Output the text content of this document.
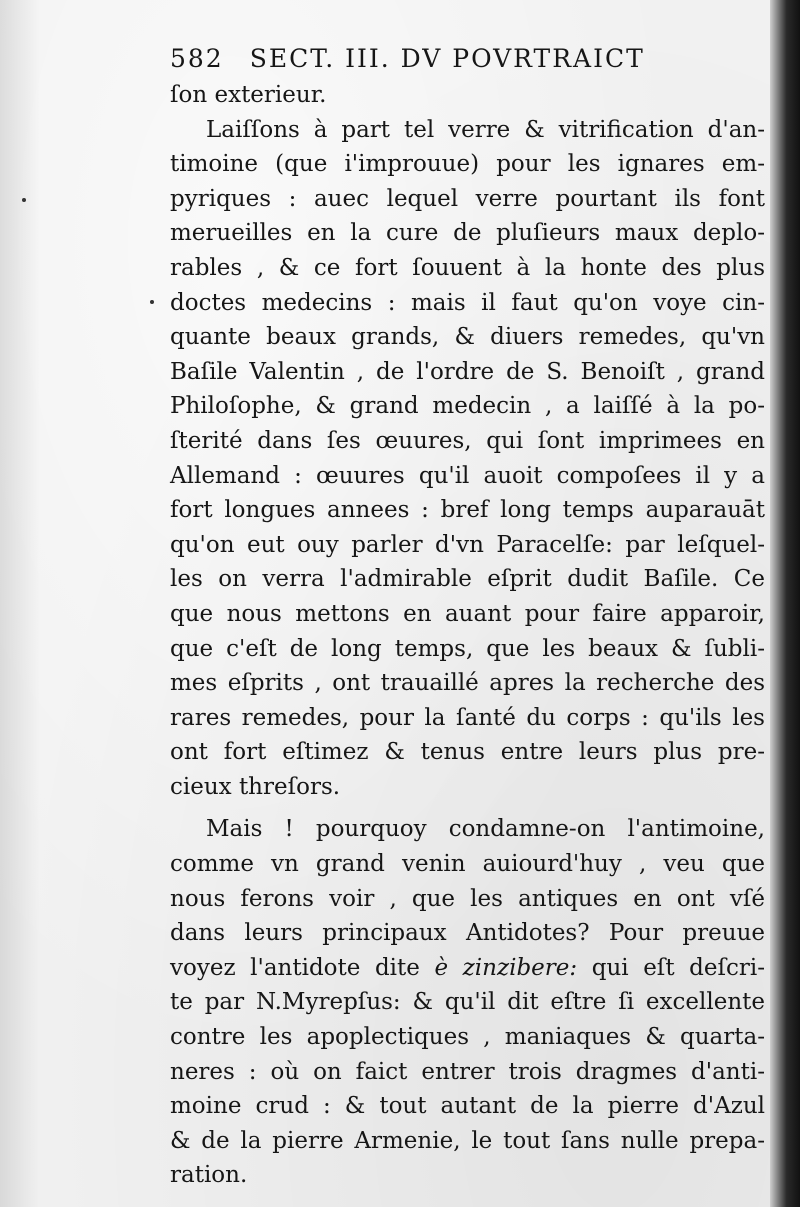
582 SECT. III. DV POVRTRAICT
ſon exterieur.
Laiſſons à part tel verre & vitrification d'an-
timoine (que i'improuue) pour les ignares em-
pyriques : auec lequel verre pourtant ils font
merueilles en la cure de pluſieurs maux deplo-
rables , & ce fort ſouuent à la honte des plus
doctes medecins : mais il faut qu'on voye cin-
quante beaux grands, & diuers remedes, qu'vn
Baſile Valentin , de l'ordre de S. Benoiſt , grand
Philoſophe, & grand medecin , a laiſſé à la po-
ſterité dans ſes œuures, qui ſont imprimees en
Allemand : œuures qu'il auoit compoſees il y a
fort longues annees : bref long temps auparauāt
qu'on eut ouy parler d'vn Paracelſe: par leſquel-
les on verra l'admirable eſprit dudit Baſile. Ce
que nous mettons en auant pour faire apparoir,
que c'eſt de long temps, que les beaux & ſubli-
mes eſprits , ont trauaillé apres la recherche des
rares remedes, pour la ſanté du corps : qu'ils les
ont fort eſtimez & tenus entre leurs plus pre-
cieux threſors.
Mais ! pourquoy condamne-on l'antimoine,
comme vn grand venin auiourd'huy , veu que
nous ferons voir , que les antiques en ont vſé
dans leurs principaux Antidotes? Pour preuue
voyez l'antidote dite è zinzibere: qui eſt deſcri-
te par N.Myrepſus: & qu'il dit eſtre ſi excellente
contre les apoplectiques , maniaques & quarta-
neres : où on faict entrer trois dragmes d'anti-
moine crud : & tout autant de la pierre d'Azul
& de la pierre Armenie, le tout ſans nulle prepa-
ration.
